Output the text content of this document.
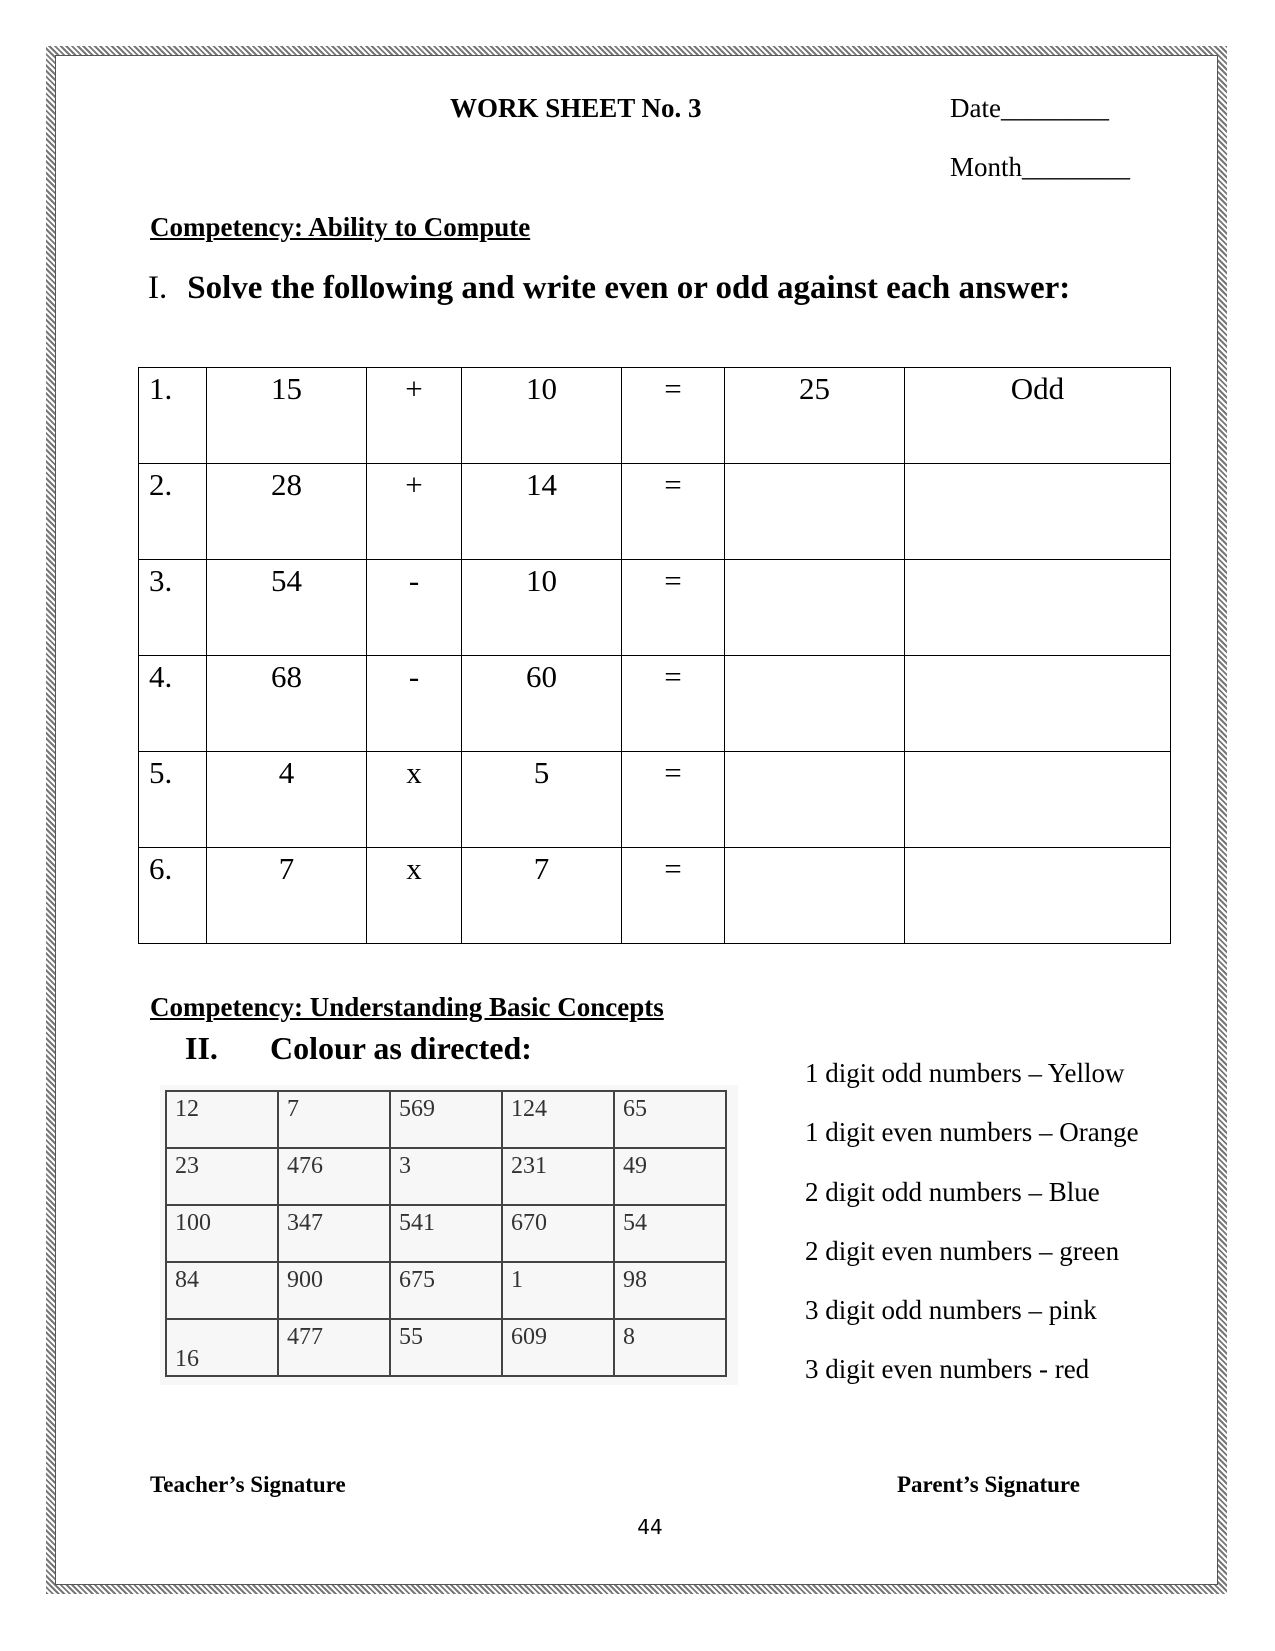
WORK SHEET No. 3	Date________
Month________
Competency: Ability to Compute
I. Solve the following and write even or odd against each answer:
1.	15	+	10	=	25	Odd
2.	28	+	14	=		
3.	54	-	10	=		
4.	68	-	60	=		
5.	4	x	5	=		
6.	7	x	7	=		
Competency: Understanding Basic Concepts
II. Colour as directed:
12	7	569	124	65
23	476	3	231	49
100	347	541	670	54
84	900	675	1	98
16	477	55	609	8
1 digit odd numbers – Yellow
1 digit even numbers – Orange
2 digit odd numbers – Blue
2 digit even numbers – green
3 digit odd numbers – pink
3 digit even numbers - red
Teacher’s Signature	Parent’s Signature
44
